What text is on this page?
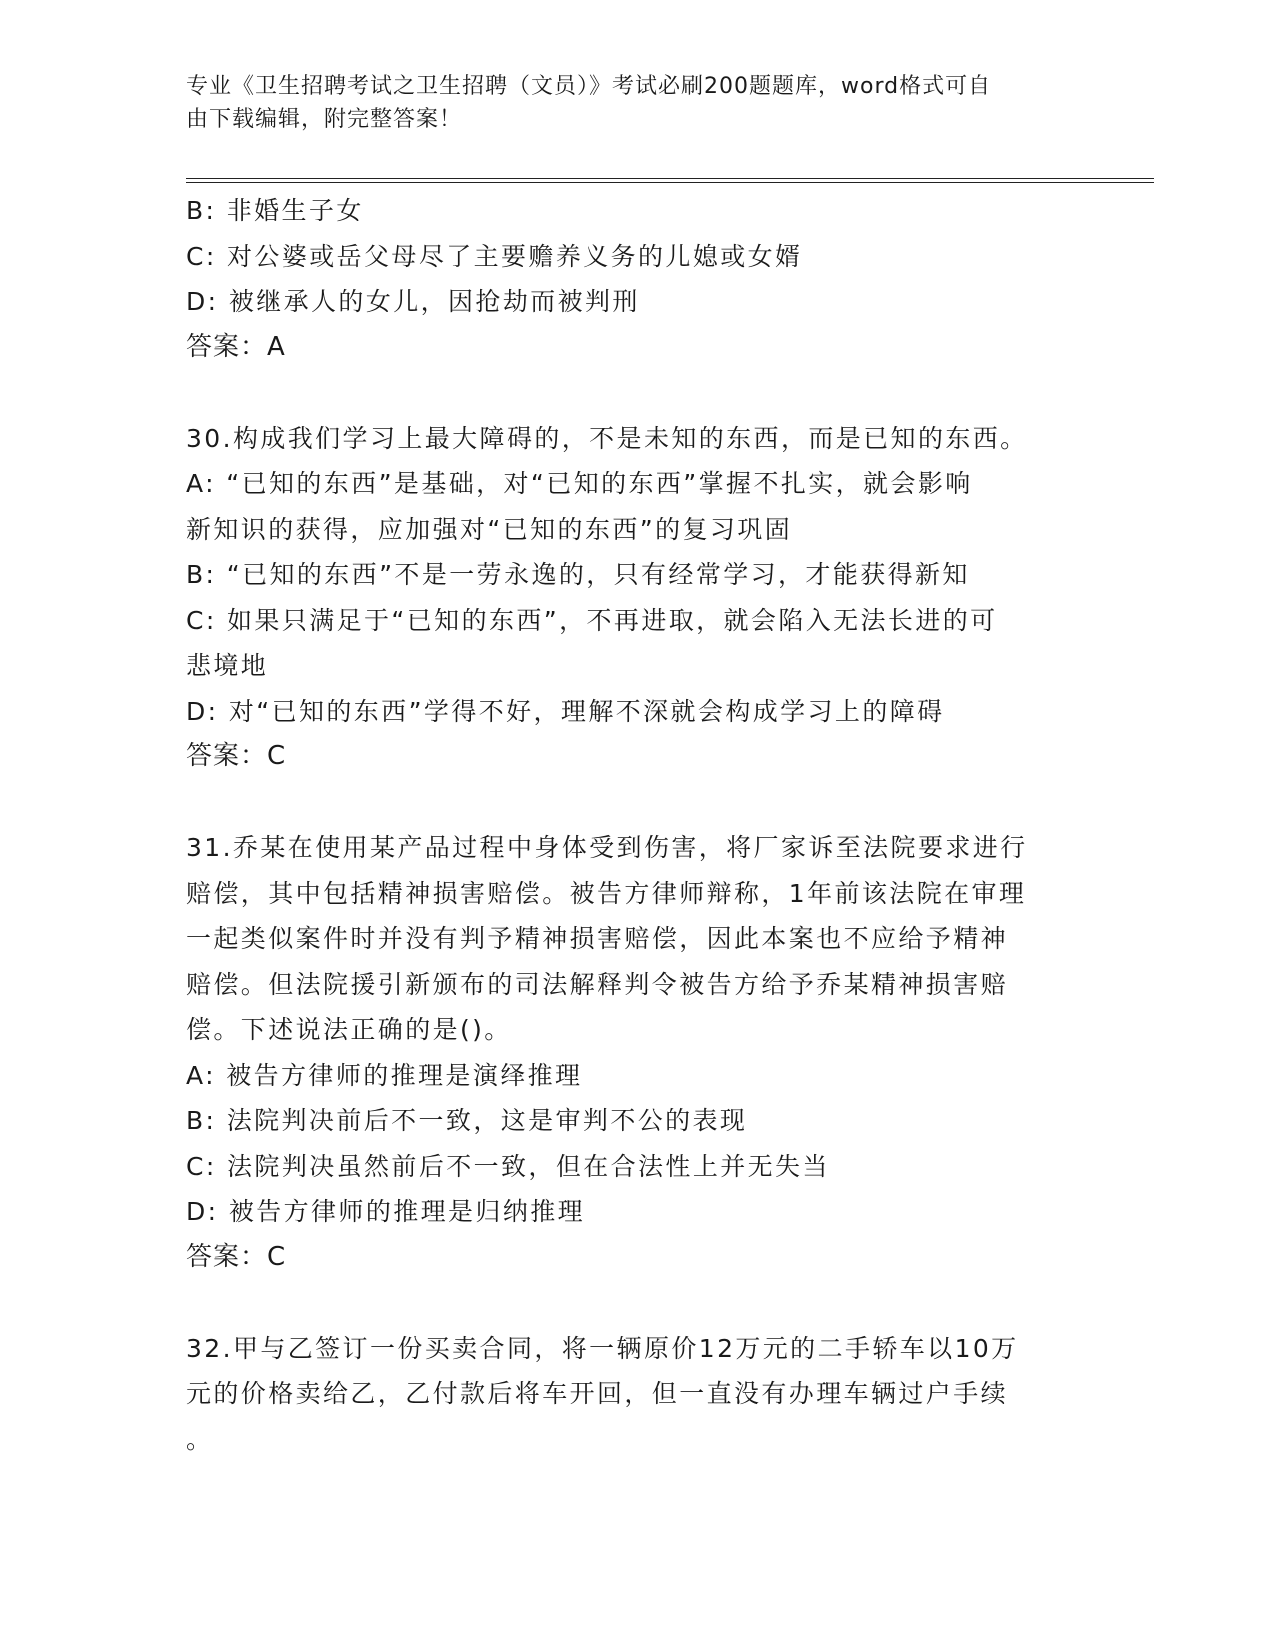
专业《卫生招聘考试之卫生招聘（文员）》考试必刷200题题库，word格式可自
由下载编辑，附完整答案！
B: 非婚生子女
C: 对公婆或岳父母尽了主要赡养义务的儿媳或女婿
D: 被继承人的女儿，因抢劫而被判刑
答案：A
30.构成我们学习上最大障碍的，不是未知的东西，而是已知的东西。
A: “已知的东西”是基础，对“已知的东西”掌握不扎实，就会影响
新知识的获得，应加强对“已知的东西”的复习巩固
B: “已知的东西”不是一劳永逸的，只有经常学习，才能获得新知
C: 如果只满足于“已知的东西”，不再进取，就会陷入无法长进的可
悲境地
D: 对“已知的东西”学得不好，理解不深就会构成学习上的障碍
答案：C
31.乔某在使用某产品过程中身体受到伤害，将厂家诉至法院要求进行
赔偿，其中包括精神损害赔偿。被告方律师辩称，1年前该法院在审理
一起类似案件时并没有判予精神损害赔偿，因此本案也不应给予精神
赔偿。但法院援引新颁布的司法解释判令被告方给予乔某精神损害赔
偿。下述说法正确的是()。
A: 被告方律师的推理是演绎推理
B: 法院判决前后不一致，这是审判不公的表现
C: 法院判决虽然前后不一致，但在合法性上并无失当
D: 被告方律师的推理是归纳推理
答案：C
32.甲与乙签订一份买卖合同，将一辆原价12万元的二手轿车以10万
元的价格卖给乙，乙付款后将车开回，但一直没有办理车辆过户手续
。
